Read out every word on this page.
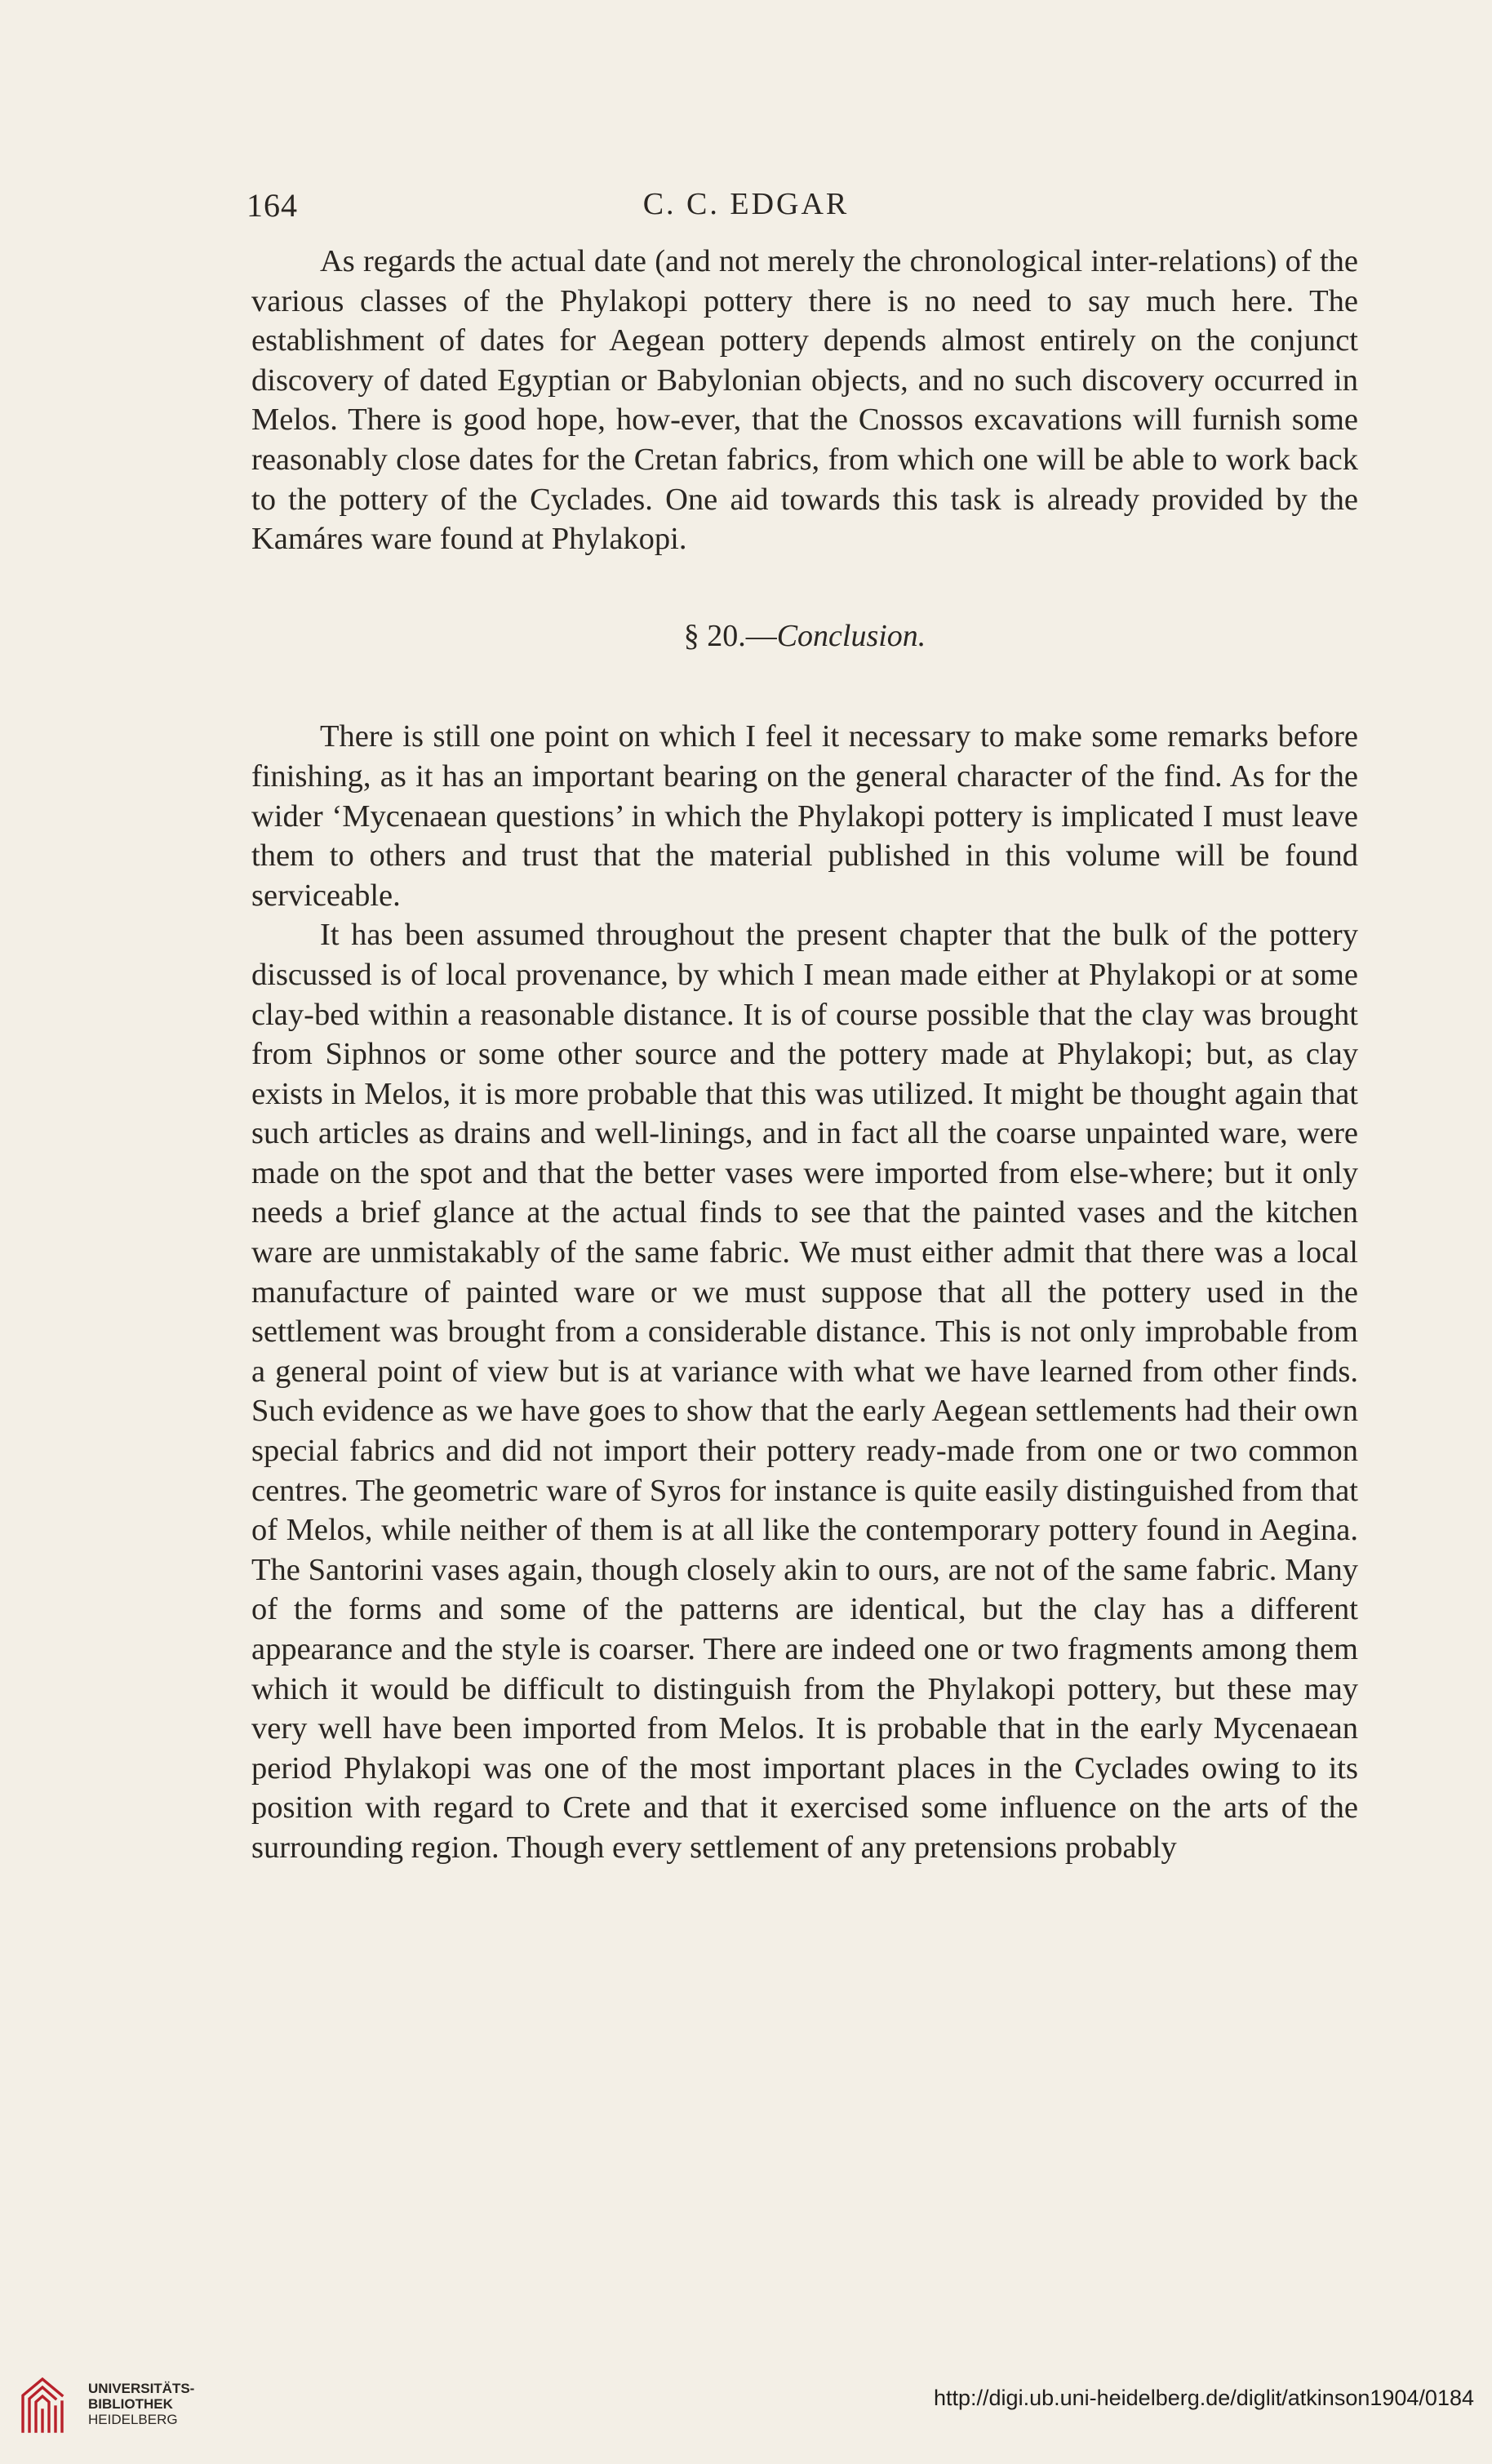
164	C. C. EDGAR

As regards the actual date (and not merely the chronological inter-relations) of the various classes of the Phylakopi pottery there is no need to say much here. The establishment of dates for Aegean pottery depends almost entirely on the conjunct discovery of dated Egyptian or Babylonian objects, and no such discovery occurred in Melos. There is good hope, how-ever, that the Cnossos excavations will furnish some reasonably close dates for the Cretan fabrics, from which one will be able to work back to the pottery of the Cyclades. One aid towards this task is already provided by the Kamáres ware found at Phylakopi.

§ 20.—Conclusion.

There is still one point on which I feel it necessary to make some remarks before finishing, as it has an important bearing on the general character of the find. As for the wider ‘Mycenaean questions’ in which the Phylakopi pottery is implicated I must leave them to others and trust that the material published in this volume will be found serviceable.

It has been assumed throughout the present chapter that the bulk of the pottery discussed is of local provenance, by which I mean made either at Phylakopi or at some clay-bed within a reasonable distance. It is of course possible that the clay was brought from Siphnos or some other source and the pottery made at Phylakopi; but, as clay exists in Melos, it is more probable that this was utilized. It might be thought again that such articles as drains and well-linings, and in fact all the coarse unpainted ware, were made on the spot and that the better vases were imported from else-where; but it only needs a brief glance at the actual finds to see that the painted vases and the kitchen ware are unmistakably of the same fabric. We must either admit that there was a local manufacture of painted ware or we must suppose that all the pottery used in the settlement was brought from a considerable distance. This is not only improbable from a general point of view but is at variance with what we have learned from other finds. Such evidence as we have goes to show that the early Aegean settlements had their own special fabrics and did not import their pottery ready-made from one or two common centres. The geometric ware of Syros for instance is quite easily distinguished from that of Melos, while neither of them is at all like the contemporary pottery found in Aegina. The Santorini vases again, though closely akin to ours, are not of the same fabric. Many of the forms and some of the patterns are identical, but the clay has a different appearance and the style is coarser. There are indeed one or two fragments among them which it would be difficult to distinguish from the Phylakopi pottery, but these may very well have been imported from Melos. It is probable that in the early Mycenaean period Phylakopi was one of the most important places in the Cyclades owing to its position with regard to Crete and that it exercised some influence on the arts of the surrounding region. Though every settlement of any pretensions probably

UNIVERSITÄTS-
BIBLIOTHEK
HEIDELBERG
http://digi.ub.uni-heidelberg.de/diglit/atkinson1904/0184
